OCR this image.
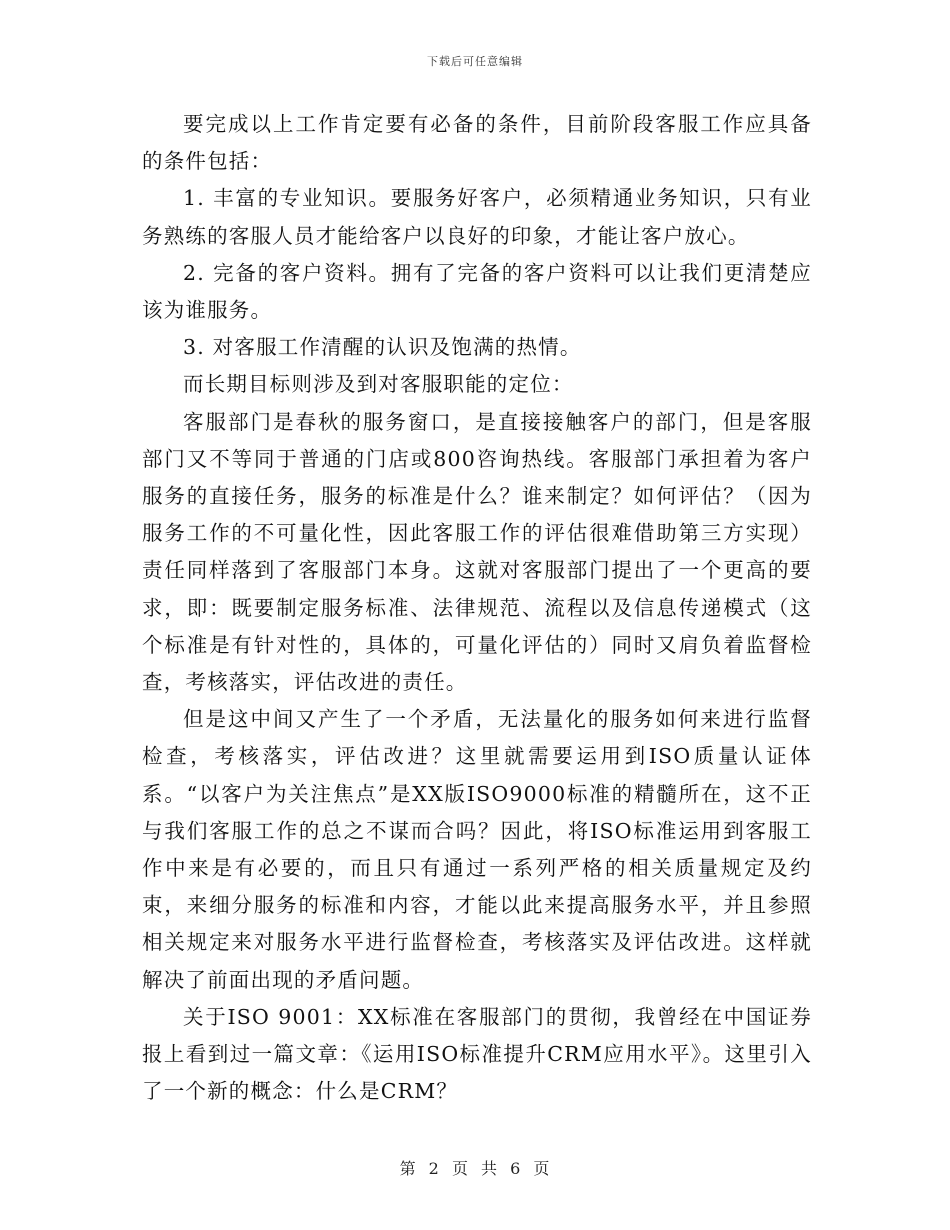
下载后可任意编辑

要完成以上工作肯定要有必备的条件，目前阶段客服工作应具备的条件包括：

1. 丰富的专业知识。要服务好客户，必须精通业务知识，只有业务熟练的客服人员才能给客户以良好的印象，才能让客户放心。

2. 完备的客户资料。拥有了完备的客户资料可以让我们更清楚应该为谁服务。

3. 对客服工作清醒的认识及饱满的热情。

而长期目标则涉及到对客服职能的定位：

客服部门是春秋的服务窗口，是直接接触客户的部门，但是客服部门又不等同于普通的门店或800咨询热线。客服部门承担着为客户服务的直接任务，服务的标准是什么？谁来制定？如何评估？（因为服务工作的不可量化性，因此客服工作的评估很难借助第三方实现）责任同样落到了客服部门本身。这就对客服部门提出了一个更高的要求，即：既要制定服务标准、法律规范、流程以及信息传递模式（这个标准是有针对性的，具体的，可量化评估的）同时又肩负着监督检查，考核落实，评估改进的责任。

但是这中间又产生了一个矛盾，无法量化的服务如何来进行监督检查，考核落实，评估改进？这里就需要运用到ISO质量认证体系。“以客户为关注焦点”是XX版ISO9000标准的精髓所在，这不正与我们客服工作的总之不谋而合吗？因此，将ISO标准运用到客服工作中来是有必要的，而且只有通过一系列严格的相关质量规定及约束，来细分服务的标准和内容，才能以此来提高服务水平，并且参照相关规定来对服务水平进行监督检查，考核落实及评估改进。这样就解决了前面出现的矛盾问题。

关于ISO 9001：XX标准在客服部门的贯彻，我曾经在中国证券报上看到过一篇文章：《运用ISO标准提升CRM应用水平》。这里引入了一个新的概念：什么是CRM？

第 2 页 共 6 页
